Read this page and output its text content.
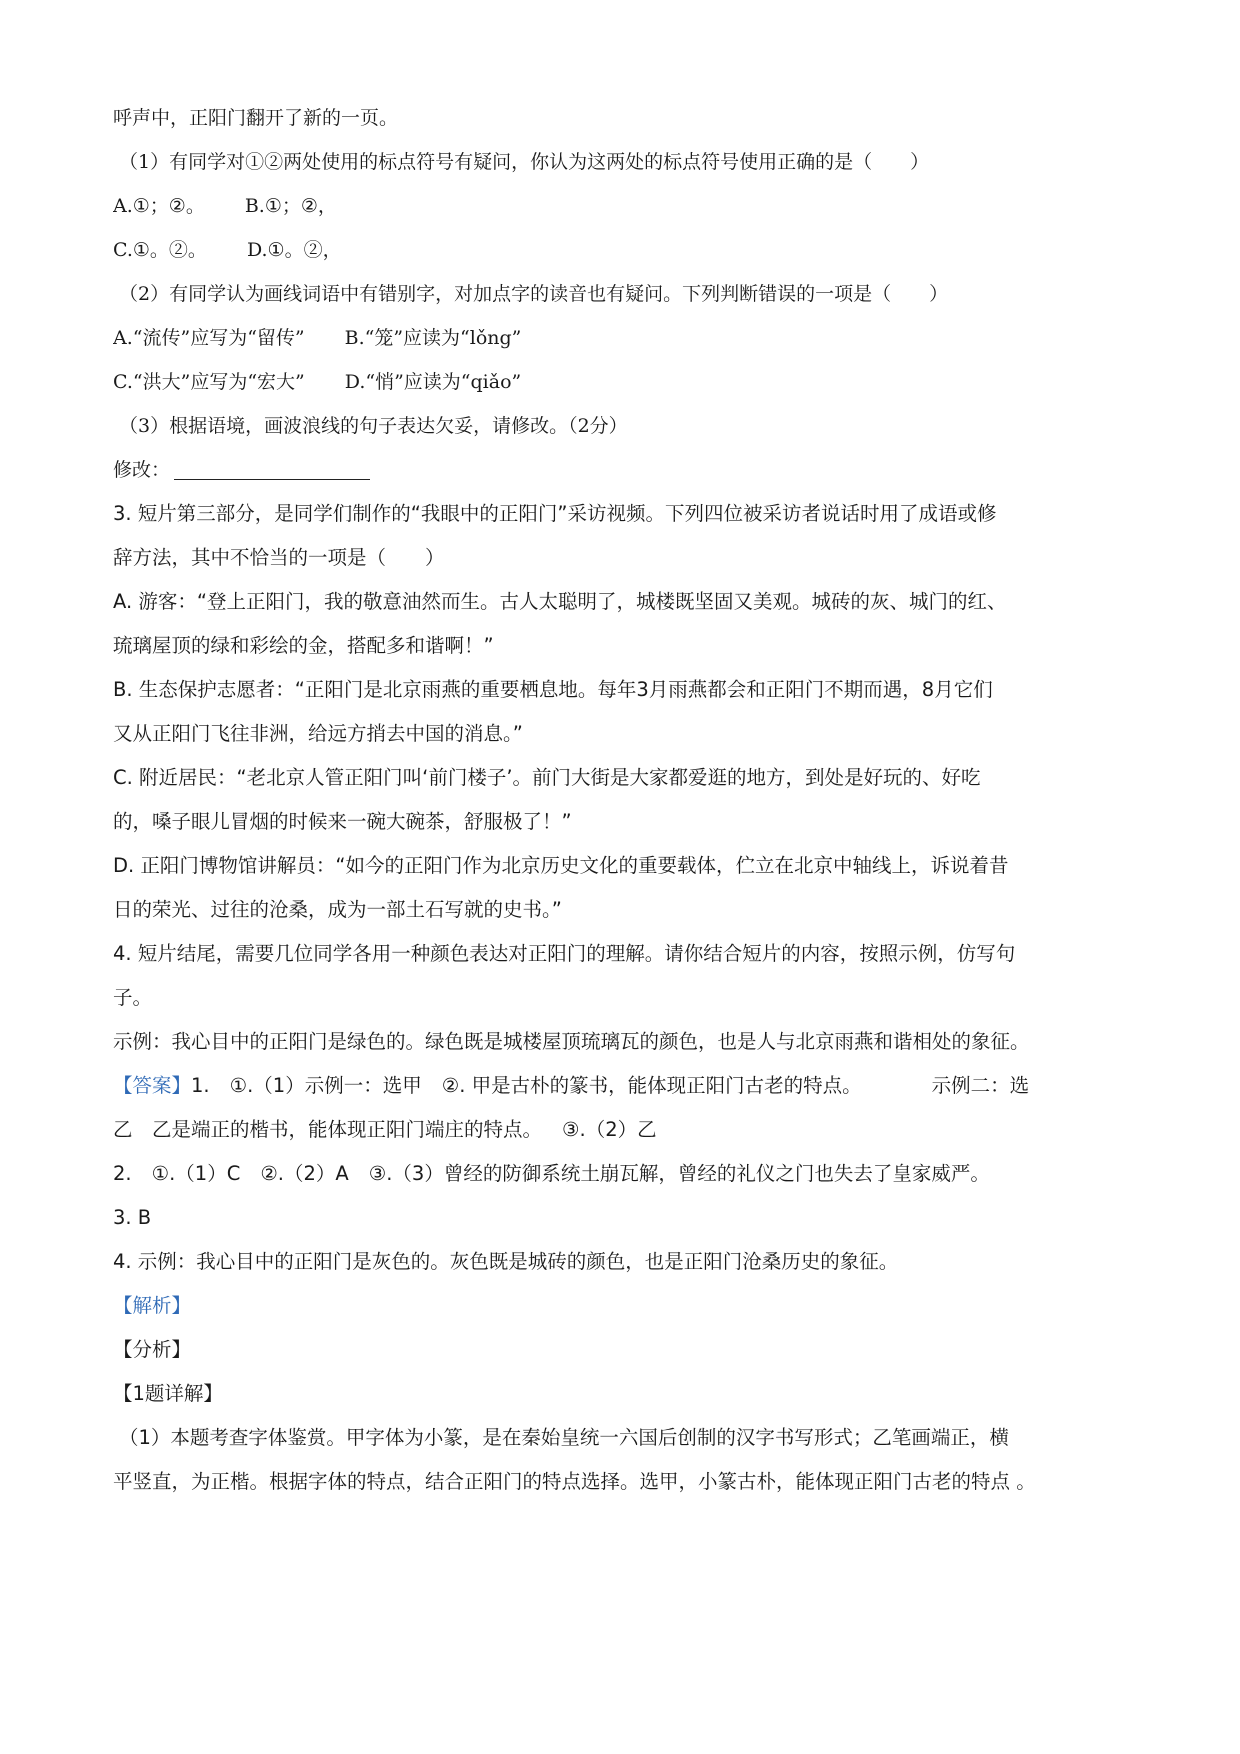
呼声中，正阳门翻开了新的一页。
（1）有同学对①②两处使用的标点符号有疑问，你认为这两处的标点符号使用正确的是（　　）
A.①；②。 B.①；②，
C.①。②。 D.①。②，
（2）有同学认为画线词语中有错别字，对加点字的读音也有疑问。下列判断错误的一项是（　　）
A.“流传”应写为“留传” B.“笼”应读为“lǒng”
C.“洪大”应写为“宏大” D.“悄”应读为“qiǎo”
（3）根据语境，画波浪线的句子表达欠妥，请修改。（2分）
修改：
3. 短片第三部分，是同学们制作的“我眼中的正阳门”采访视频。下列四位被采访者说话时用了成语或修
辞方法，其中不恰当的一项是（　　）
A. 游客：“登上正阳门，我的敬意油然而生。古人太聪明了，城楼既坚固又美观。城砖的灰、城门的红、
琉璃屋顶的绿和彩绘的金，搭配多和谐啊！”
B. 生态保护志愿者：“正阳门是北京雨燕的重要栖息地。每年3月雨燕都会和正阳门不期而遇，8月它们
又从正阳门飞往非洲，给远方捎去中国的消息。”
C. 附近居民：“老北京人管正阳门叫‘前门楼子’。前门大街是大家都爱逛的地方，到处是好玩的、好吃
的，嗓子眼儿冒烟的时候来一碗大碗茶，舒服极了！”
D. 正阳门博物馆讲解员：“如今的正阳门作为北京历史文化的重要载体，伫立在北京中轴线上，诉说着昔
日的荣光、过往的沧桑，成为一部土石写就的史书。”
4. 短片结尾，需要几位同学各用一种颜色表达对正阳门的理解。请你结合短片的内容，按照示例，仿写句
子。
示例：我心目中的正阳门是绿色的。绿色既是城楼屋顶琉璃瓦的颜色，也是人与北京雨燕和谐相处的象征。
【答案】1. ①.（1）示例一：选甲 ②. 甲是古朴的篆书，能体现正阳门古老的特点。	示例二：选
乙　乙是端正的楷书，能体现正阳门端庄的特点。 ③.（2）乙
2. ①.（1）C ②.（2）A ③.（3）曾经的防御系统土崩瓦解，曾经的礼仪之门也失去了皇家威严。
3. B
4. 示例：我心目中的正阳门是灰色的。灰色既是城砖的颜色，也是正阳门沧桑历史的象征。
【解析】
【分析】
【1题详解】
（1）本题考查字体鉴赏。甲字体为小篆，是在秦始皇统一六国后创制的汉字书写形式；乙笔画端正，横
平竖直，为正楷。根据字体的特点，结合正阳门的特点选择。选甲，小篆古朴，能体现正阳门古老的特点 。
